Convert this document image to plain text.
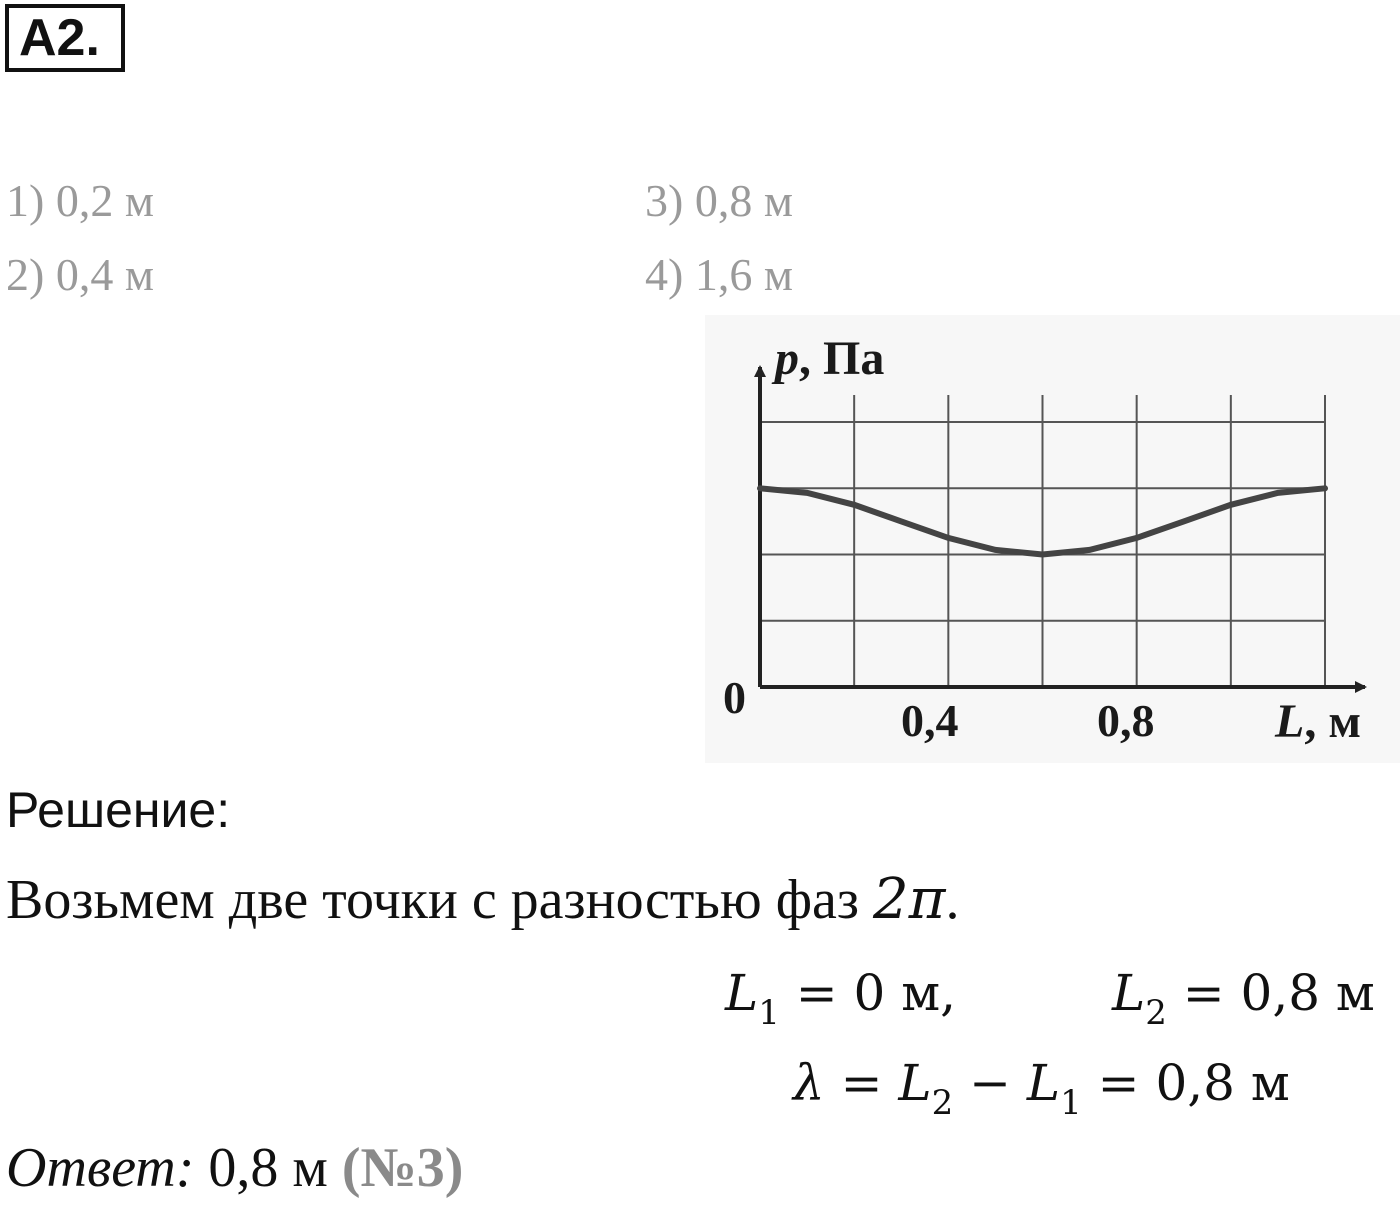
A2.
1) 0,2 м
2) 0,4 м
3) 0,8 м
4) 1,6 м
p, Па
0	0,4	0,8	L, м
Решение:
Возьмем две точки с разностью фаз 2π.
$L_1 = 0$ м,	$L_2 = 0,8$ м
$\lambda = L_2 - L_1 = 0,8$ м
Ответ: 0,8 м (№3)
